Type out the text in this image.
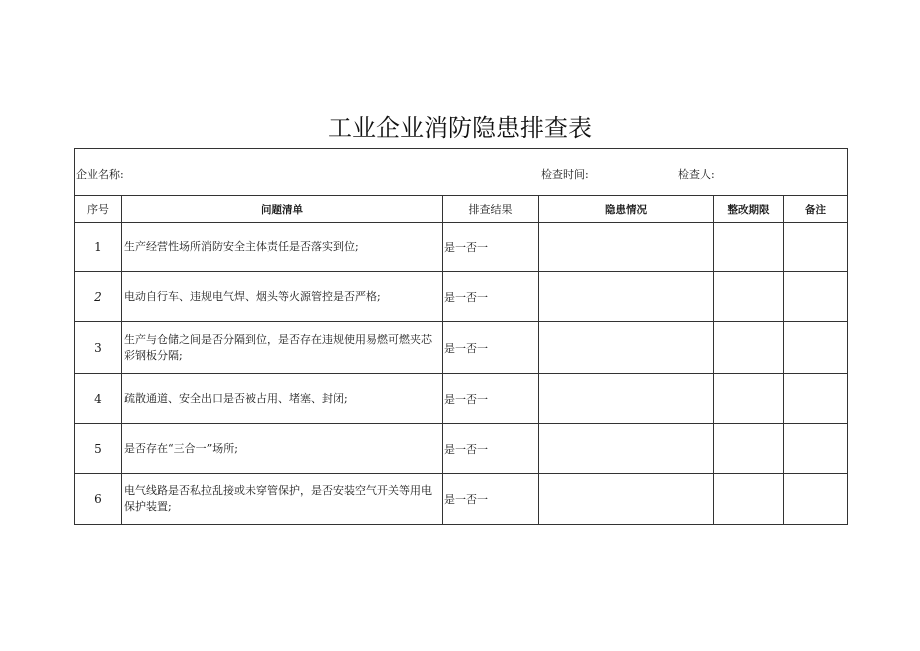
工业企业消防隐患排查表
企业名称: 检查时间: 检查人:					

序号	问题清单	排查结果	隐患情况	整改期限	备注
1	生产经营性场所消防安全主体责任是否落实到位;	是一否一			
2	电动自行车、违规电气焊、烟头等火源管控是否严格;	是一否一			
3	生产与仓储之间是否分隔到位，是否存在违规使用易燃可燃夹芯彩钢板分隔;	是一否一			
4	疏散通道、安全出口是否被占用、堵塞、封闭;	是一否一			
5	是否存在“三合一”场所;	是一否一			
6	电气线路是否私拉乱接或未穿管保护，是否安装空气开关等用电保护装置;	是一否一			
